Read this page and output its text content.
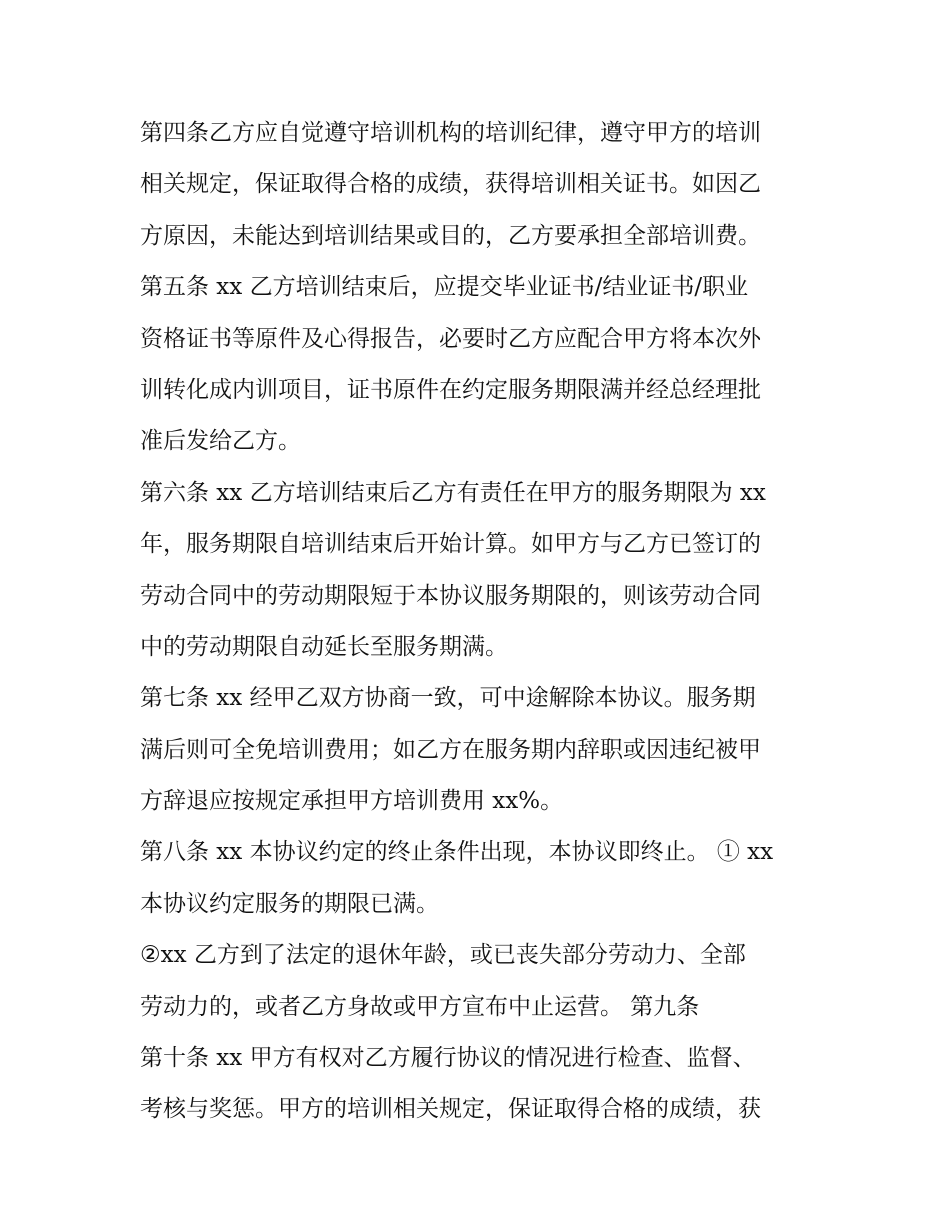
第四条乙方应自觉遵守培训机构的培训纪律，遵守甲方的培训
相关规定，保证取得合格的成绩，获得培训相关证书。如因乙
方原因，未能达到培训结果或目的，乙方要承担全部培训费。
第五条 xx 乙方培训结束后，应提交毕业证书/结业证书/职业
资格证书等原件及心得报告，必要时乙方应配合甲方将本次外
训转化成内训项目，证书原件在约定服务期限满并经总经理批
准后发给乙方。
第六条 xx 乙方培训结束后乙方有责任在甲方的服务期限为 xx
年，服务期限自培训结束后开始计算。如甲方与乙方已签订的
劳动合同中的劳动期限短于本协议服务期限的，则该劳动合同
中的劳动期限自动延长至服务期满。
第七条 xx 经甲乙双方协商一致，可中途解除本协议。服务期
满后则可全免培训费用；如乙方在服务期内辞职或因违纪被甲
方辞退应按规定承担甲方培训费用 xx%。
第八条 xx 本协议约定的终止条件出现，本协议即终止。 ① xx
本协议约定服务的期限已满。
②xx 乙方到了法定的退休年龄，或已丧失部分劳动力、全部
劳动力的，或者乙方身故或甲方宣布中止运营。 第九条
第十条 xx 甲方有权对乙方履行协议的情况进行检查、监督、
考核与奖惩。甲方的培训相关规定，保证取得合格的成绩，获
